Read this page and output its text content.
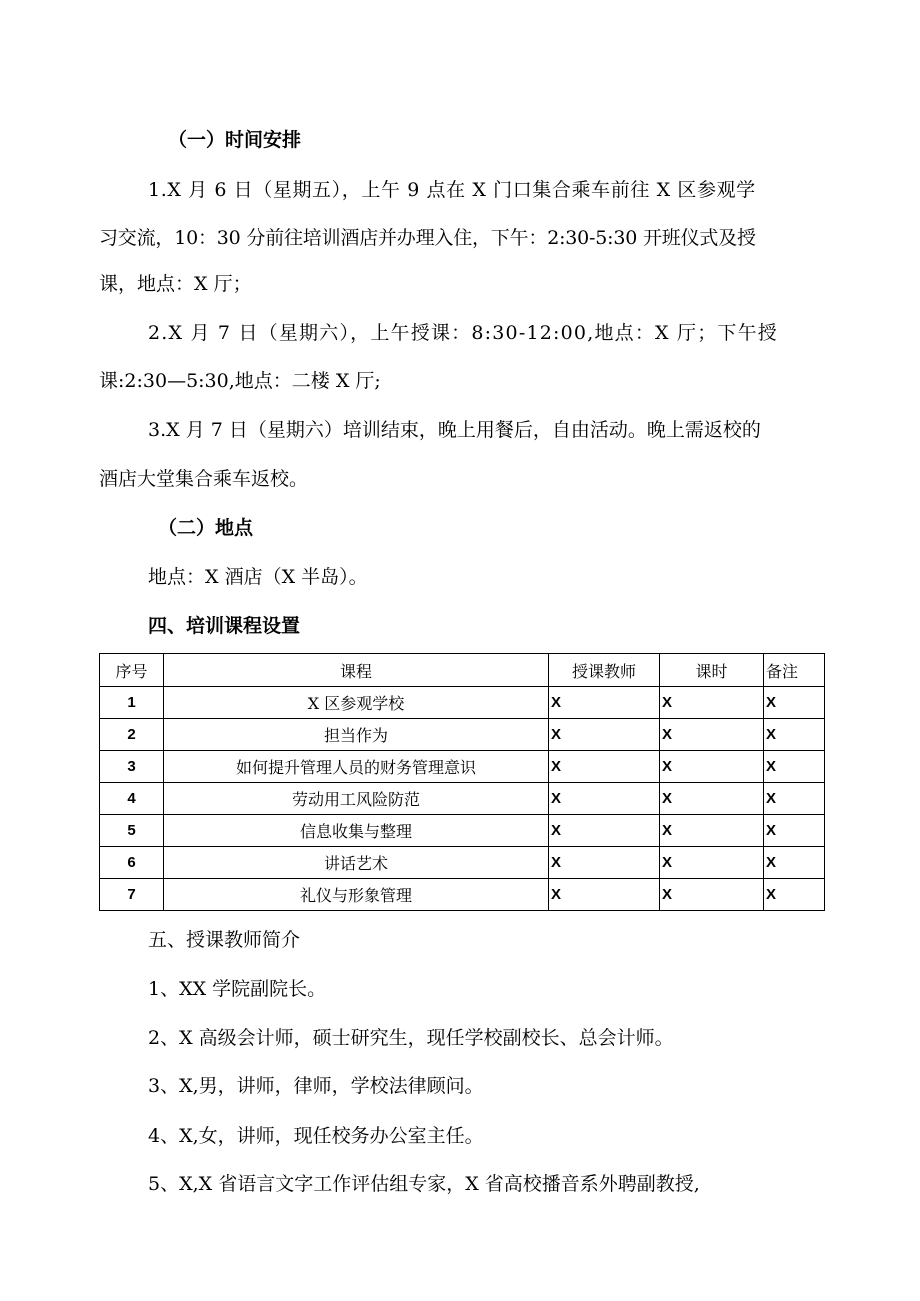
（一）时间安排
1.X 月 6 日（星期五），上午 9 点在 X 门口集合乘车前往 X 区参观学
习交流，10：30 分前往培训酒店并办理入住，下午：2:30-5:30 开班仪式及授
课，地点：X 厅；
2.X 月 7 日（星期六），上午授课：8:30-12:00,地点：X 厅；下午授
课:2:30—5:30,地点：二楼 X 厅;
3.X 月 7 日（星期六）培训结束，晚上用餐后，自由活动。晚上需返校的
酒店大堂集合乘车返校。
（二）地点
地点：X 酒店（X 半岛）。
四、培训课程设置
序号	课程	授课教师	课时	备注
1	X 区参观学校	X	X	X
2	担当作为	X	X	X
3	如何提升管理人员的财务管理意识	X	X	X
4	劳动用工风险防范	X	X	X
5	信息收集与整理	X	X	X
6	讲话艺术	X	X	X
7	礼仪与形象管理	X	X	X
五、授课教师简介
1、XX 学院副院长。
2、X 高级会计师，硕士研究生，现任学校副校长、总会计师。
3、X,男，讲师，律师，学校法律顾问。
4、X,女，讲师，现任校务办公室主任。
5、X,X 省语言文字工作评估组专家，X 省高校播音系外聘副教授,
